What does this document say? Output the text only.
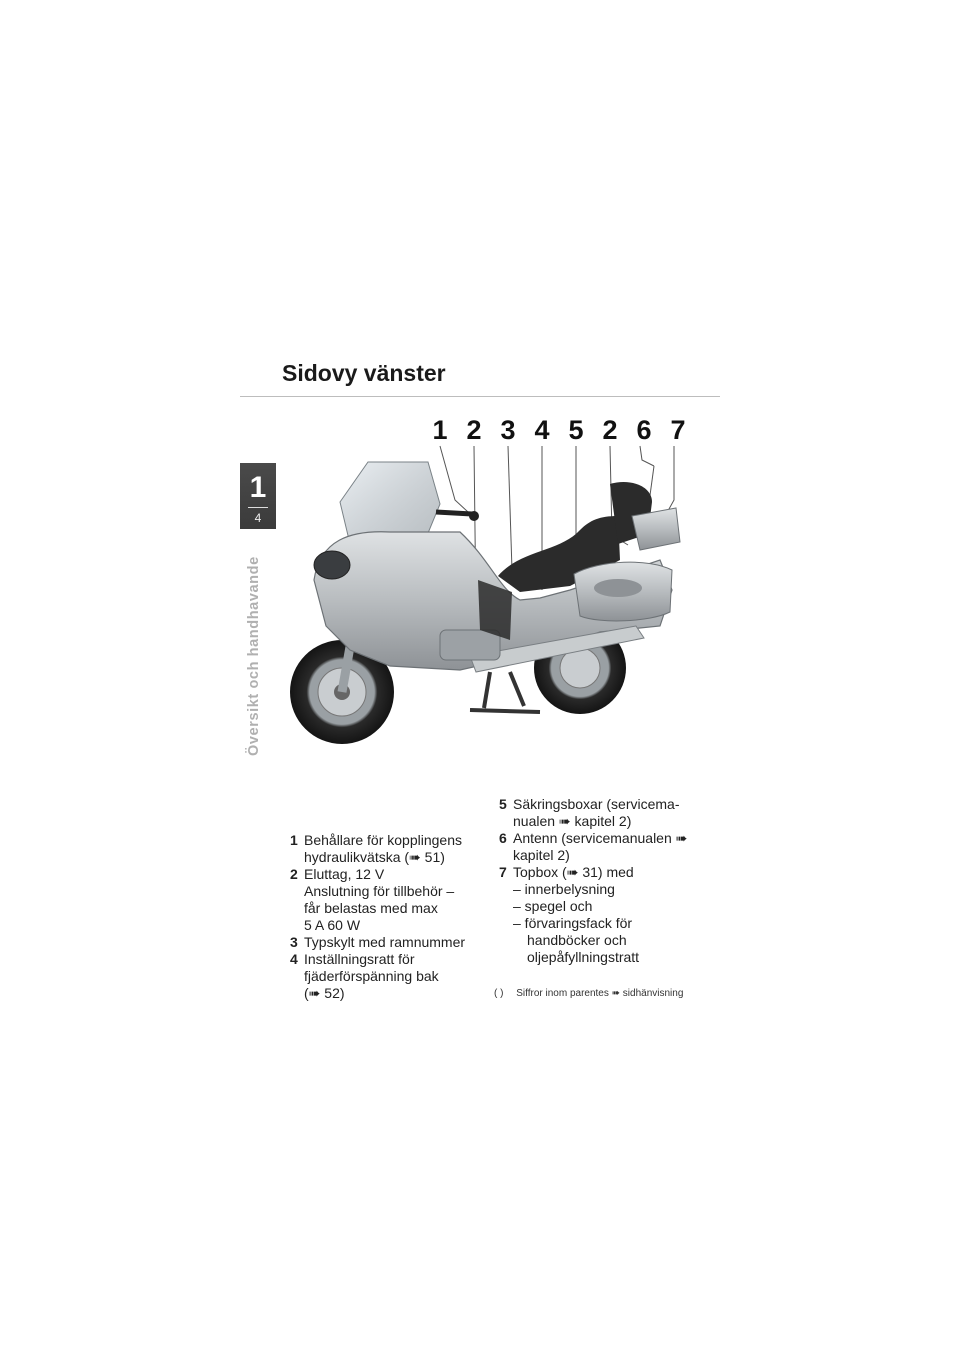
Sidovy vänster
1
4
Översikt och handhavande
1 2 3 4 5 2 6 7
1 Behållare för kopplingens
hydraulikvätska (➠ 51)
2 Eluttag, 12 V
Anslutning för tillbehör –
får belastas med max
5 A 60 W
3 Typskylt med ramnummer
4 Inställningsratt för
fjäderförspänning bak
(➠ 52)
5 Säkringsboxar (servicema-
nualen ➠ kapitel 2)
6 Antenn (servicemanualen ➠
kapitel 2)
7 Topbox (➠ 31) med
– innerbelysning
– spegel och
– förvaringsfack för handböcker och oljepåfyllningstratt
( ) Siffror inom parentes ➠ sidhänvisning
